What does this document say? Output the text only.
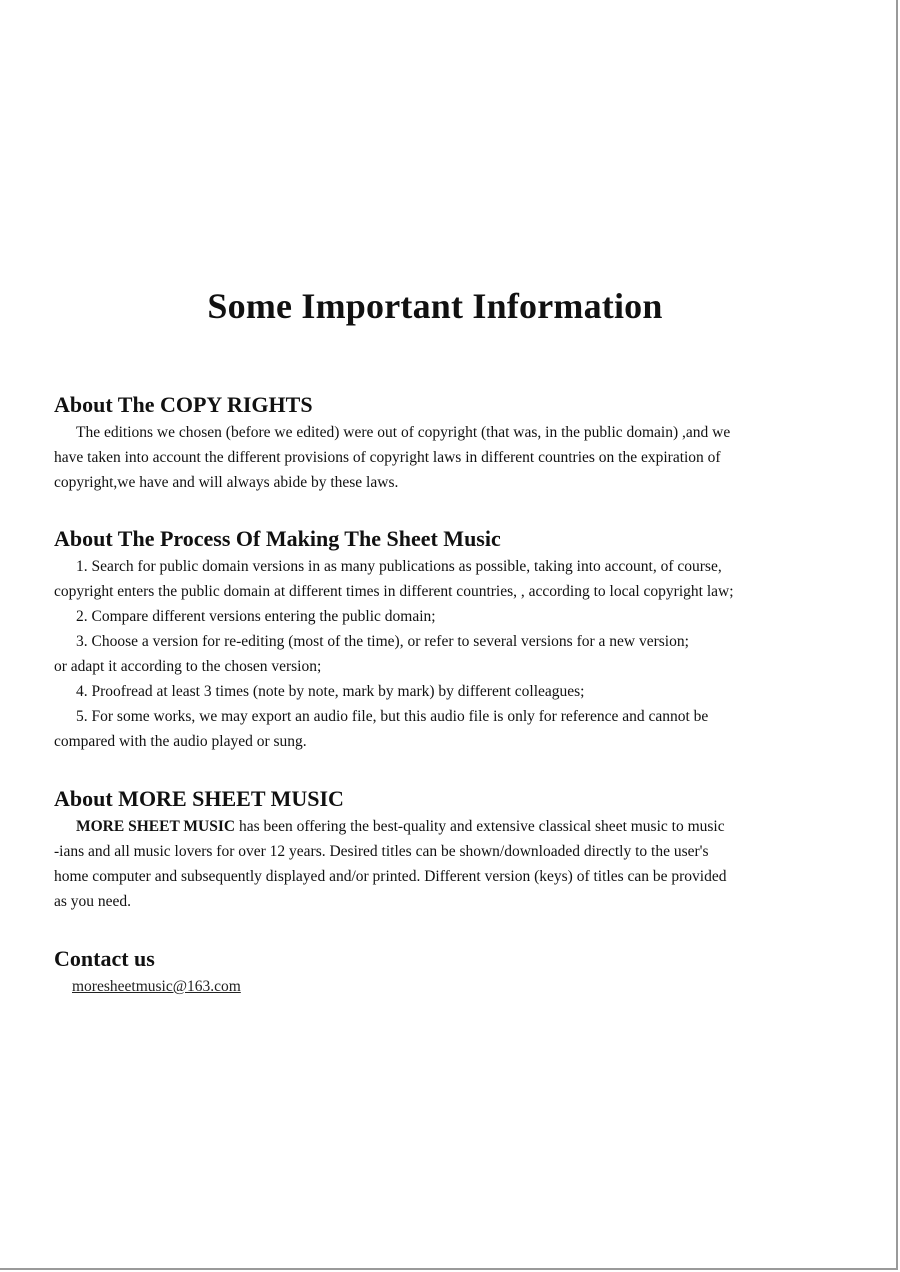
Some Important Information
About The COPY RIGHTS

The editions we chosen (before we edited) were out of copyright (that was, in the public domain) ,and we

have taken into account the different provisions of copyright laws in different countries on the expiration of

copyright,we have and will always abide by these laws.

About The Process Of Making The Sheet Music

1. Search for public domain versions in as many publications as possible, taking into account, of course,

copyright enters the public domain at different times in different countries, , according to local copyright law;

2. Compare different versions entering the public domain;

3. Choose a version for re-editing (most of the time), or refer to several versions for a new version;

or adapt it according to the chosen version;

4. Proofread at least 3 times (note by note, mark by mark) by different colleagues;

5. For some works, we may export an audio file, but this audio file is only for reference and cannot be

compared with the audio played or sung.

About MORE SHEET MUSIC

MORE SHEET MUSIC has been offering the best-quality and extensive classical sheet music to music

-ians and all music lovers for over 12 years. Desired titles can be shown/downloaded directly to the user's

home computer and subsequently displayed and/or printed. Different version (keys) of titles can be provided

as you need.

Contact us
moresheetmusic@163.com
